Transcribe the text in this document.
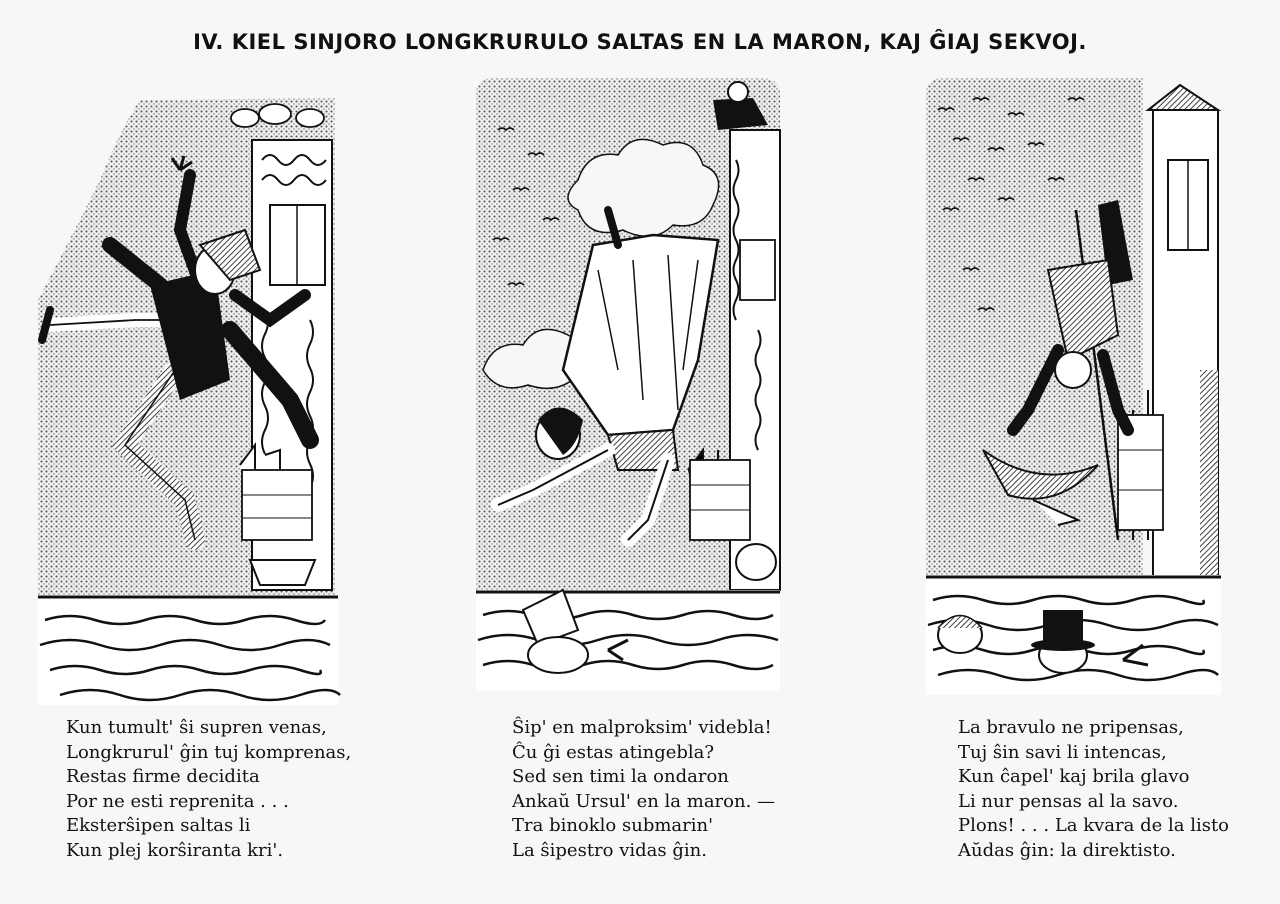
IV. KIEL SINJORO LONGKRURULO SALTAS EN LA MARON, KAJ ĜIAJ SEKVOJ.
Kun tumult' ŝi supren venas,
Longkrurul' ĝin tuj komprenas,
Restas firme decidita
Por ne esti reprenita . . .
Eksterŝipen saltas li
Kun plej korŝiranta kri'.
Ŝip' en malproksim' videbla!
Ĉu ĝi estas atingebla?
Sed sen timi la ondaron
Ankaŭ Ursul' en la maron. —
Tra binoklo submarin'
La ŝipestro vidas ĝin.
La bravulo ne pripensas,
Tuj ŝin savi li intencas,
Kun ĉapel' kaj brila glavo
Li nur pensas al la savo.
Plons! . . . La kvara de la listo
Aŭdas ĝin: la direktisto.
